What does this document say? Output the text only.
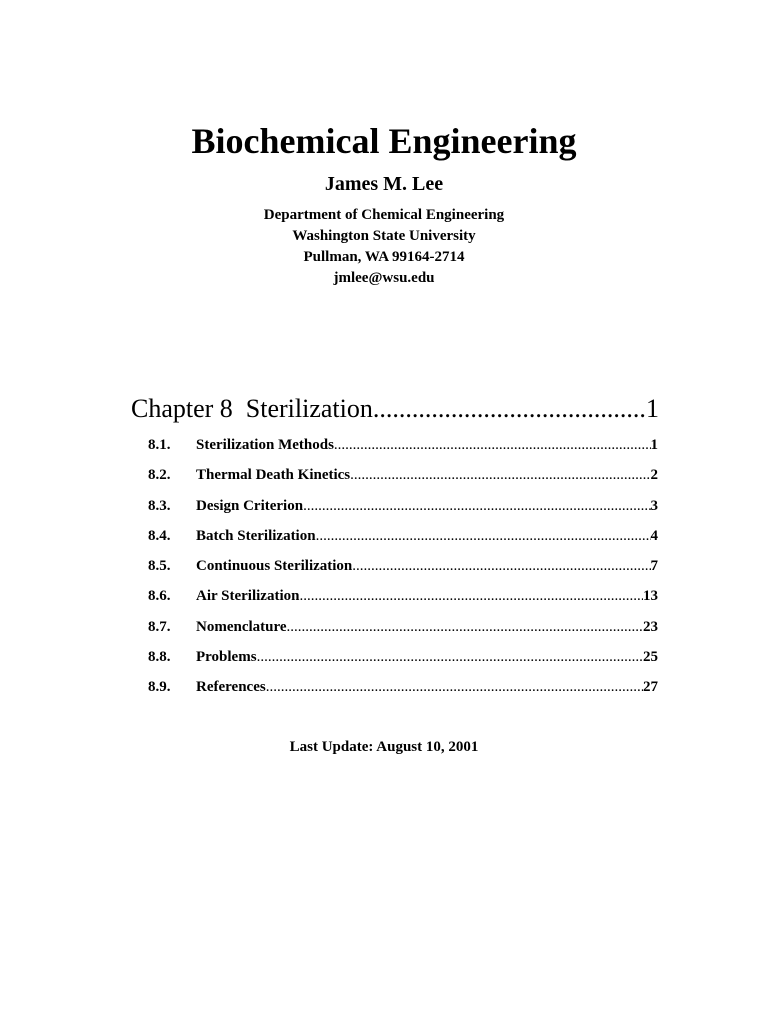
Biochemical Engineering
James M. Lee
Department of Chemical Engineering
Washington State University
Pullman, WA 99164-2714
jmlee@wsu.edu
Chapter 8  Sterilization .....	1
8.1.	Sterilization Methods .....	1
8.2.	Thermal Death Kinetics .....	2
8.3.	Design Criterion .....	3
8.4.	Batch Sterilization .....	4
8.5.	Continuous Sterilization .....	7
8.6.	Air Sterilization .....	13
8.7.	Nomenclature .....	23
8.8.	Problems .....	25
8.9.	References .....	27
Last Update: August 10, 2001
